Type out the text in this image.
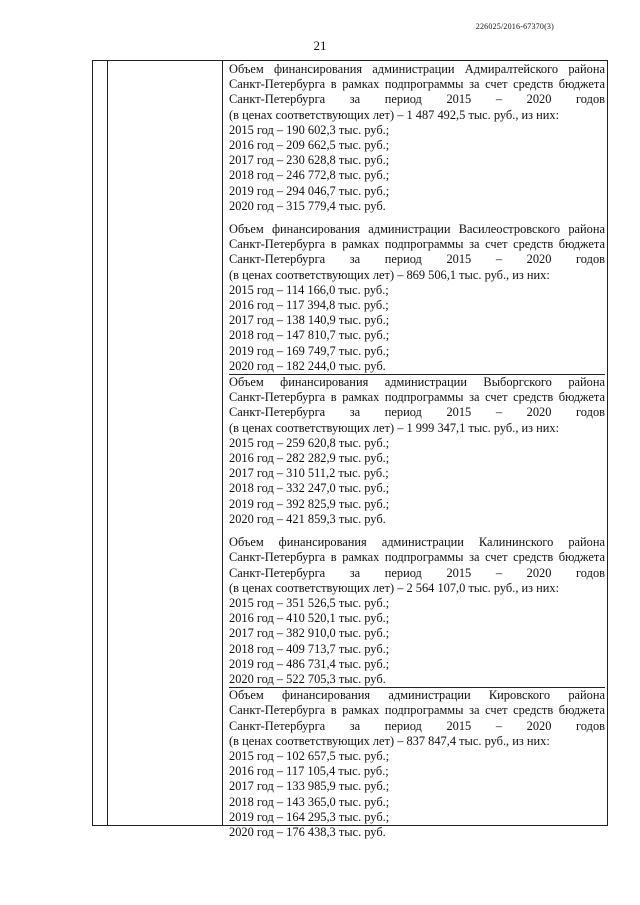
226025/2016-67370(3)
21
Объем финансирования администрации Адмиралтейского района
Санкт-Петербурга в рамках подпрограммы за счет средств бюджета
Санкт-Петербурга за период 2015 – 2020 годов
(в ценах соответствующих лет) – 1 487 492,5 тыс. руб., из них:
2015 год – 190 602,3 тыс. руб.;
2016 год – 209 662,5 тыс. руб.;
2017 год – 230 628,8 тыс. руб.;
2018 год – 246 772,8 тыс. руб.;
2019 год – 294 046,7 тыс. руб.;
2020 год – 315 779,4 тыс. руб.
Объем финансирования администрации Василеостровского района
Санкт-Петербурга в рамках подпрограммы за счет средств бюджета
Санкт-Петербурга за период 2015 – 2020 годов
(в ценах соответствующих лет) – 869 506,1 тыс. руб., из них:
2015 год – 114 166,0 тыс. руб.;
2016 год – 117 394,8 тыс. руб.;
2017 год – 138 140,9 тыс. руб.;
2018 год – 147 810,7 тыс. руб.;
2019 год – 169 749,7 тыс. руб.;
2020 год – 182 244,0 тыс. руб.
Объем финансирования администрации Выборгского района
Санкт-Петербурга в рамках подпрограммы за счет средств бюджета
Санкт-Петербурга за период 2015 – 2020 годов
(в ценах соответствующих лет) – 1 999 347,1 тыс. руб., из них:
2015 год – 259 620,8 тыс. руб.;
2016 год – 282 282,9 тыс. руб.;
2017 год – 310 511,2 тыс. руб.;
2018 год – 332 247,0 тыс. руб.;
2019 год – 392 825,9 тыс. руб.;
2020 год – 421 859,3 тыс. руб.
Объем финансирования администрации Калининского района
Санкт-Петербурга в рамках подпрограммы за счет средств бюджета
Санкт-Петербурга за период 2015 – 2020 годов
(в ценах соответствующих лет) – 2 564 107,0 тыс. руб., из них:
2015 год – 351 526,5 тыс. руб.;
2016 год – 410 520,1 тыс. руб.;
2017 год – 382 910,0 тыс. руб.;
2018 год – 409 713,7 тыс. руб.;
2019 год – 486 731,4 тыс. руб.;
2020 год – 522 705,3 тыс. руб.
Объем финансирования администрации Кировского района
Санкт-Петербурга в рамках подпрограммы за счет средств бюджета
Санкт-Петербурга за период 2015 – 2020 годов
(в ценах соответствующих лет) – 837 847,4 тыс. руб., из них:
2015 год – 102 657,5 тыс. руб.;
2016 год – 117 105,4 тыс. руб.;
2017 год – 133 985,9 тыс. руб.;
2018 год – 143 365,0 тыс. руб.;
2019 год – 164 295,3 тыс. руб.;
2020 год – 176 438,3 тыс. руб.
